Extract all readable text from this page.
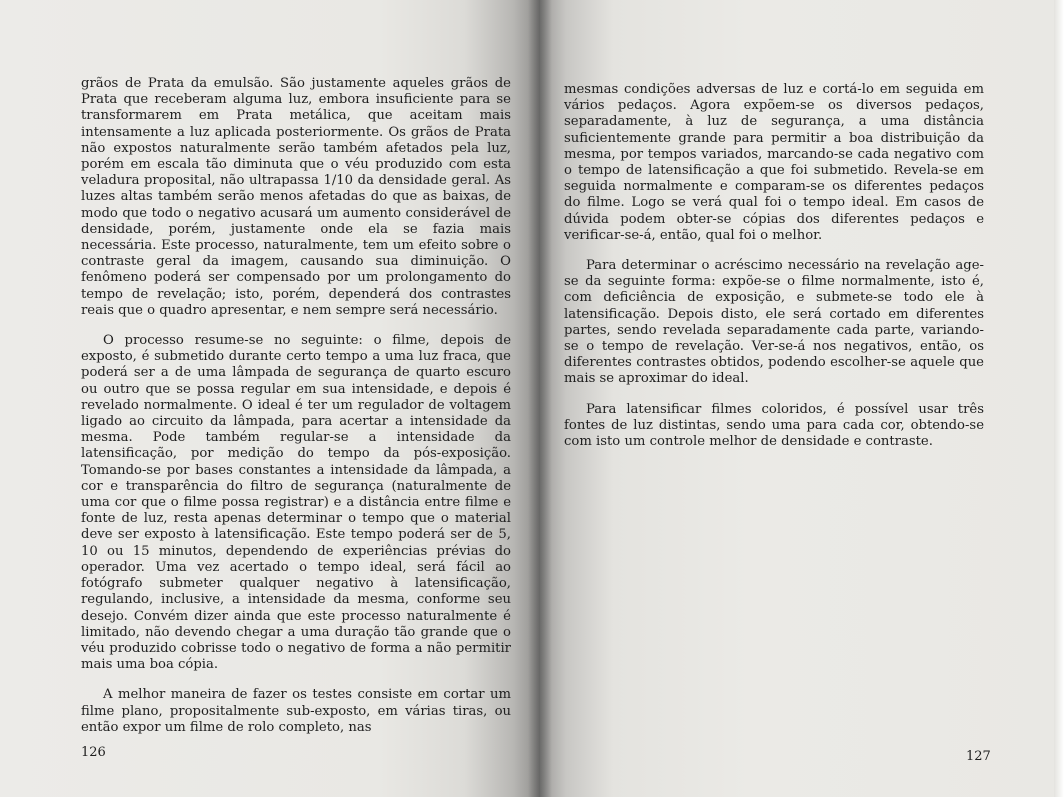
grãos de Prata da emulsão. São justamente aqueles grãos de Prata que receberam alguma luz, embora insuficiente para se transformarem em Prata metálica, que aceitam mais intensamente a luz aplicada posteriormente. Os grãos de Prata não expostos naturalmente serão também afetados pela luz, porém em escala tão diminuta que o véu produzido com esta veladura proposital, não ultrapassa 1/10 da densidade geral. As luzes altas também serão menos afetadas do que as baixas, de modo que todo o negativo acusará um aumento considerável de densidade, porém, justamente onde ela se fazia mais necessária. Este processo, naturalmente, tem um efeito sobre o contraste geral da imagem, causando sua diminuição. O fenômeno poderá ser compensado por um prolongamento do tempo de revelação; isto, porém, dependerá dos contrastes reais que o quadro apresentar, e nem sempre será necessário.

O processo resume-se no seguinte: o filme, depois de exposto, é submetido durante certo tempo a uma luz fraca, que poderá ser a de uma lâmpada de segurança de quarto escuro ou outro que se possa regular em sua intensidade, e depois é revelado normalmente. O ideal é ter um regulador de voltagem ligado ao circuito da lâmpada, para acertar a intensidade da mesma. Pode também regular-se a intensidade da latensificação, por medição do tempo da pós-exposição. Tomando-se por bases constantes a intensidade da lâmpada, a cor e transparência do filtro de segurança (naturalmente de uma cor que o filme possa registrar) e a distância entre filme e fonte de luz, resta apenas determinar o tempo que o material deve ser exposto à latensificação. Este tempo poderá ser de 5, 10 ou 15 minutos, dependendo de experiências prévias do operador. Uma vez acertado o tempo ideal, será fácil ao fotógrafo submeter qualquer negativo à latensificação, regulando, inclusive, a intensidade da mesma, conforme seu desejo. Convém dizer ainda que este processo naturalmente é limitado, não devendo chegar a uma duração tão grande que o véu produzido cobrisse todo o negativo de forma a não permitir mais uma boa cópia.

A melhor maneira de fazer os testes consiste em cortar um filme plano, propositalmente sub-exposto, em várias tiras, ou então expor um filme de rolo completo, nas

126

mesmas condições adversas de luz e cortá-lo em seguida em vários pedaços. Agora expõem-se os diversos pedaços, separadamente, à luz de segurança, a uma distância suficientemente grande para permitir a boa distribuição da mesma, por tempos variados, marcando-se cada negativo com o tempo de latensificação a que foi submetido. Revela-se em seguida normalmente e comparam-se os diferentes pedaços do filme. Logo se verá qual foi o tempo ideal. Em casos de dúvida podem obter-se cópias dos diferentes pedaços e verificar-se-á, então, qual foi o melhor.

Para determinar o acréscimo necessário na revelação age-se da seguinte forma: expõe-se o filme normalmente, isto é, com deficiência de exposição, e submete-se todo ele à latensificação. Depois disto, ele será cortado em diferentes partes, sendo revelada separadamente cada parte, variando-se o tempo de revelação. Ver-se-á nos negativos, então, os diferentes contrastes obtidos, podendo escolher-se aquele que mais se aproximar do ideal.

Para latensificar filmes coloridos, é possível usar três fontes de luz distintas, sendo uma para cada cor, obtendo-se com isto um controle melhor de densidade e contraste.

127
